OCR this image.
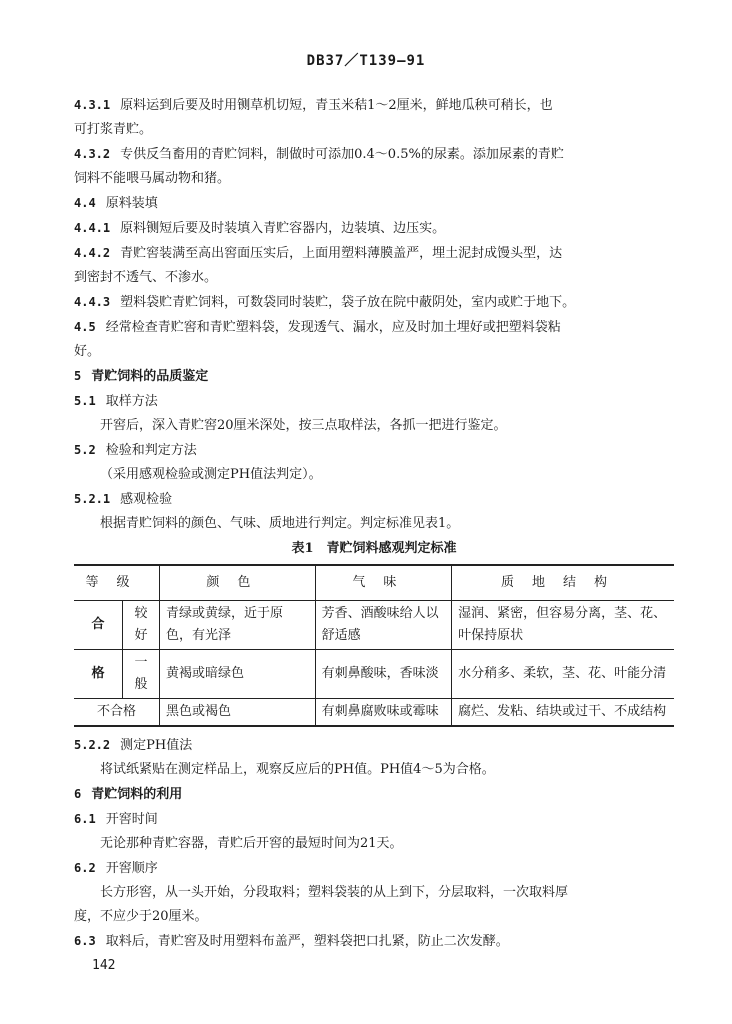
DB37／T139—91
4.3.1 原料运到后要及时用铡草机切短，青玉米秸1～2厘米，鲜地瓜秧可稍长，也
可打浆青贮。
4.3.2 专供反刍畜用的青贮饲料，制做时可添加0.4～0.5%的尿素。添加尿素的青贮
饲料不能喂马属动物和猪。
4.4 原料装填
4.4.1 原料铡短后要及时装填入青贮容器内，边装填、边压实。
4.4.2 青贮窖装满至高出窖面压实后，上面用塑料薄膜盖严，埋土泥封成馒头型，达
到密封不透气、不渗水。
4.4.3 塑料袋贮青贮饲料，可数袋同时装贮，袋子放在院中蔽阴处，室内或贮于地下。
4.5 经常检查青贮窖和青贮塑料袋，发现透气、漏水，应及时加土埋好或把塑料袋粘
好。
5 青贮饲料的品质鉴定
5.1 取样方法
开窖后，深入青贮窖20厘米深处，按三点取样法，各抓一把进行鉴定。
5.2 检验和判定方法
（采用感观检验或测定PH值法判定）。
5.2.1 感观检验
根据青贮饲料的颜色、气味、质地进行判定。判定标准见表1。
表1　青贮饲料感观判定标准
等级		颜色	气味	质地结构
合	较好	青绿或黄绿，近于原色，有光泽	芳香、酒酸味给人以舒适感	湿润、紧密，但容易分离，茎、花、叶保持原状
格	一般	黄褐或暗绿色	有刺鼻酸味，香味淡	水分稍多、柔软，茎、花、叶能分清
不合格		黑色或褐色	有刺鼻腐败味或霉味	腐烂、发粘、结块或过干、不成结构
5.2.2 测定PH值法
将试纸紧贴在测定样品上，观察反应后的PH值。PH值4～5为合格。
6 青贮饲料的利用
6.1 开窖时间
无论那种青贮容器，青贮后开窖的最短时间为21天。
6.2 开窖顺序
长方形窖，从一头开始，分段取料；塑料袋装的从上到下，分层取料，一次取料厚
度，不应少于20厘米。
6.3 取料后，青贮窖及时用塑料布盖严，塑料袋把口扎紧，防止二次发酵。
142
